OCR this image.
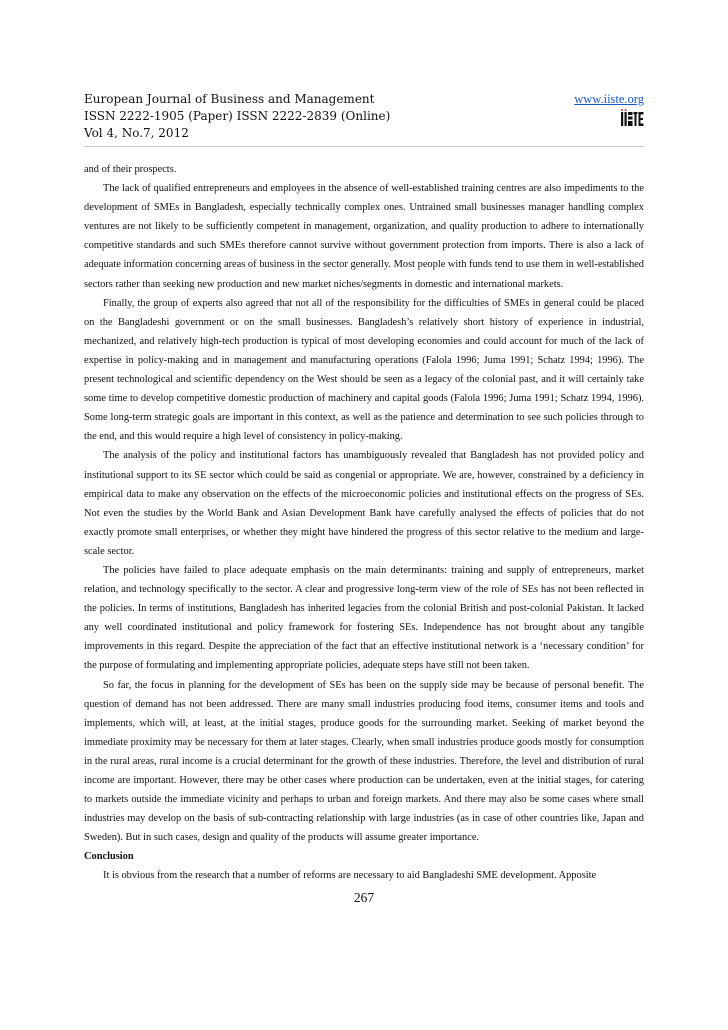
European Journal of Business and Management
ISSN 2222-1905 (Paper) ISSN 2222-2839 (Online)
Vol 4, No.7, 2012
www.iiste.org

and of their prospects.

The lack of qualified entrepreneurs and employees in the absence of well-established training centres are also impediments to the development of SMEs in Bangladesh, especially technically complex ones. Untrained small businesses manager handling complex ventures are not likely to be sufficiently competent in management, organization, and quality production to adhere to internationally competitive standards and such SMEs therefore cannot survive without government protection from imports. There is also a lack of adequate information concerning areas of business in the sector generally. Most people with funds tend to use them in well-established sectors rather than seeking new production and new market niches/segments in domestic and international markets.

Finally, the group of experts also agreed that not all of the responsibility for the difficulties of SMEs in general could be placed on the Bangladeshi government or on the small businesses. Bangladesh’s relatively short history of experience in industrial, mechanized, and relatively high-tech production is typical of most developing economies and could account for much of the lack of expertise in policy-making and in management and manufacturing operations (Falola 1996; Juma 1991; Schatz 1994; 1996). The present technological and scientific dependency on the West should be seen as a legacy of the colonial past, and it will certainly take some time to develop competitive domestic production of machinery and capital goods (Falola 1996; Juma 1991; Schatz 1994, 1996). Some long-term strategic goals are important in this context, as well as the patience and determination to see such policies through to the end, and this would require a high level of consistency in policy-making.

The analysis of the policy and institutional factors has unambiguously revealed that Bangladesh has not provided policy and institutional support to its SE sector which could be said as congenial or appropriate. We are, however, constrained by a deficiency in empirical data to make any observation on the effects of the microeconomic policies and institutional effects on the progress of SEs. Not even the studies by the World Bank and Asian Development Bank have carefully analysed the effects of policies that do not exactly promote small enterprises, or whether they might have hindered the progress of this sector relative to the medium and large-scale sector.

The policies have failed to place adequate emphasis on the main determinants: training and supply of entrepreneurs, market relation, and technology specifically to the sector. A clear and progressive long-term view of the role of SEs has not been reflected in the policies. In terms of institutions, Bangladesh has inherited legacies from the colonial British and post-colonial Pakistan. It lacked any well coordinated institutional and policy framework for fostering SEs. Independence has not brought about any tangible improvements in this regard. Despite the appreciation of the fact that an effective institutional network is a ‘necessary condition’ for the purpose of formulating and implementing appropriate policies, adequate steps have still not been taken.

So far, the focus in planning for the development of SEs has been on the supply side may be because of personal benefit. The question of demand has not been addressed. There are many small industries producing food items, consumer items and tools and implements, which will, at least, at the initial stages, produce goods for the surrounding market. Seeking of market beyond the immediate proximity may be necessary for them at later stages. Clearly, when small industries produce goods mostly for consumption in the rural areas, rural income is a crucial determinant for the growth of these industries. Therefore, the level and distribution of rural income are important. However, there may be other cases where production can be undertaken, even at the initial stages, for catering to markets outside the immediate vicinity and perhaps to urban and foreign markets. And there may also be some cases where small industries may develop on the basis of sub-contracting relationship with large industries (as in case of other countries like, Japan and Sweden). But in such cases, design and quality of the products will assume greater importance.

Conclusion

It is obvious from the research that a number of reforms are necessary to aid Bangladeshi SME development. Apposite

267
